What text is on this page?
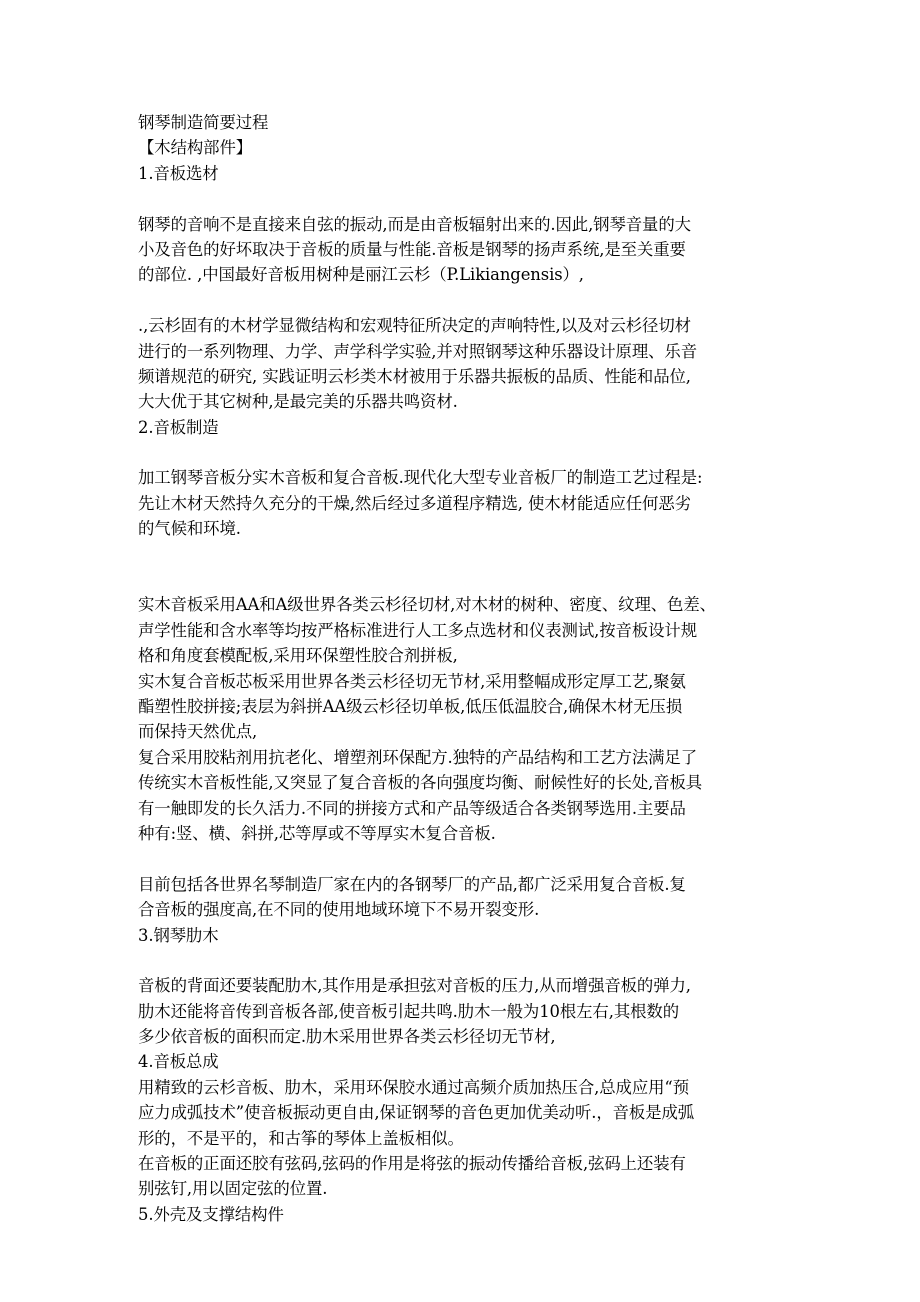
钢琴制造简要过程
【木结构部件】
1.音板选材
钢琴的音响不是直接来自弦的振动,而是由音板辐射出来的.因此,钢琴音量的大
小及音色的好坏取决于音板的质量与性能.音板是钢琴的扬声系统,是至关重要
的部位. ,中国最好音板用树种是丽江云杉（P.Likiangensis）,
.,云杉固有的木材学显微结构和宏观特征所决定的声响特性,以及对云杉径切材
进行的一系列物理、力学、声学科学实验,并对照钢琴这种乐器设计原理、乐音
频谱规范的研究, 实践证明云杉类木材被用于乐器共振板的品质、性能和品位,
大大优于其它树种,是最完美的乐器共鸣资材.
2.音板制造
加工钢琴音板分实木音板和复合音板.现代化大型专业音板厂的制造工艺过程是:
先让木材天然持久充分的干燥,然后经过多道程序精选, 使木材能适应任何恶劣
的气候和环境.
实木音板采用AA和A级世界各类云杉径切材,对木材的树种、密度、纹理、色差、
声学性能和含水率等均按严格标准进行人工多点选材和仪表测试,按音板设计规
格和角度套模配板,采用环保塑性胶合剂拼板,
实木复合音板芯板采用世界各类云杉径切无节材,采用整幅成形定厚工艺,聚氨
酯塑性胶拼接;表层为斜拼AA级云杉径切单板,低压低温胶合,确保木材无压损
而保持天然优点,
复合采用胶粘剂用抗老化、增塑剂环保配方.独特的产品结构和工艺方法满足了
传统实木音板性能,又突显了复合音板的各向强度均衡、耐候性好的长处,音板具
有一触即发的长久活力.不同的拼接方式和产品等级适合各类钢琴选用.主要品
种有:竖、横、斜拼,芯等厚或不等厚实木复合音板.
目前包括各世界名琴制造厂家在内的各钢琴厂的产品,都广泛采用复合音板.复
合音板的强度高,在不同的使用地域环境下不易开裂变形.
3.钢琴肋木
音板的背面还要装配肋木,其作用是承担弦对音板的压力,从而增强音板的弹力,
肋木还能将音传到音板各部,使音板引起共鸣.肋木一般为10根左右,其根数的
多少依音板的面积而定.肋木采用世界各类云杉径切无节材,
4.音板总成
用精致的云杉音板、肋木，采用环保胶水通过高频介质加热压合,总成应用“预
应力成弧技术”使音板振动更自由,保证钢琴的音色更加优美动听.，音板是成弧
形的，不是平的，和古筝的琴体上盖板相似。
在音板的正面还胶有弦码,弦码的作用是将弦的振动传播给音板,弦码上还装有
别弦钉,用以固定弦的位置.
5.外壳及支撑结构件
